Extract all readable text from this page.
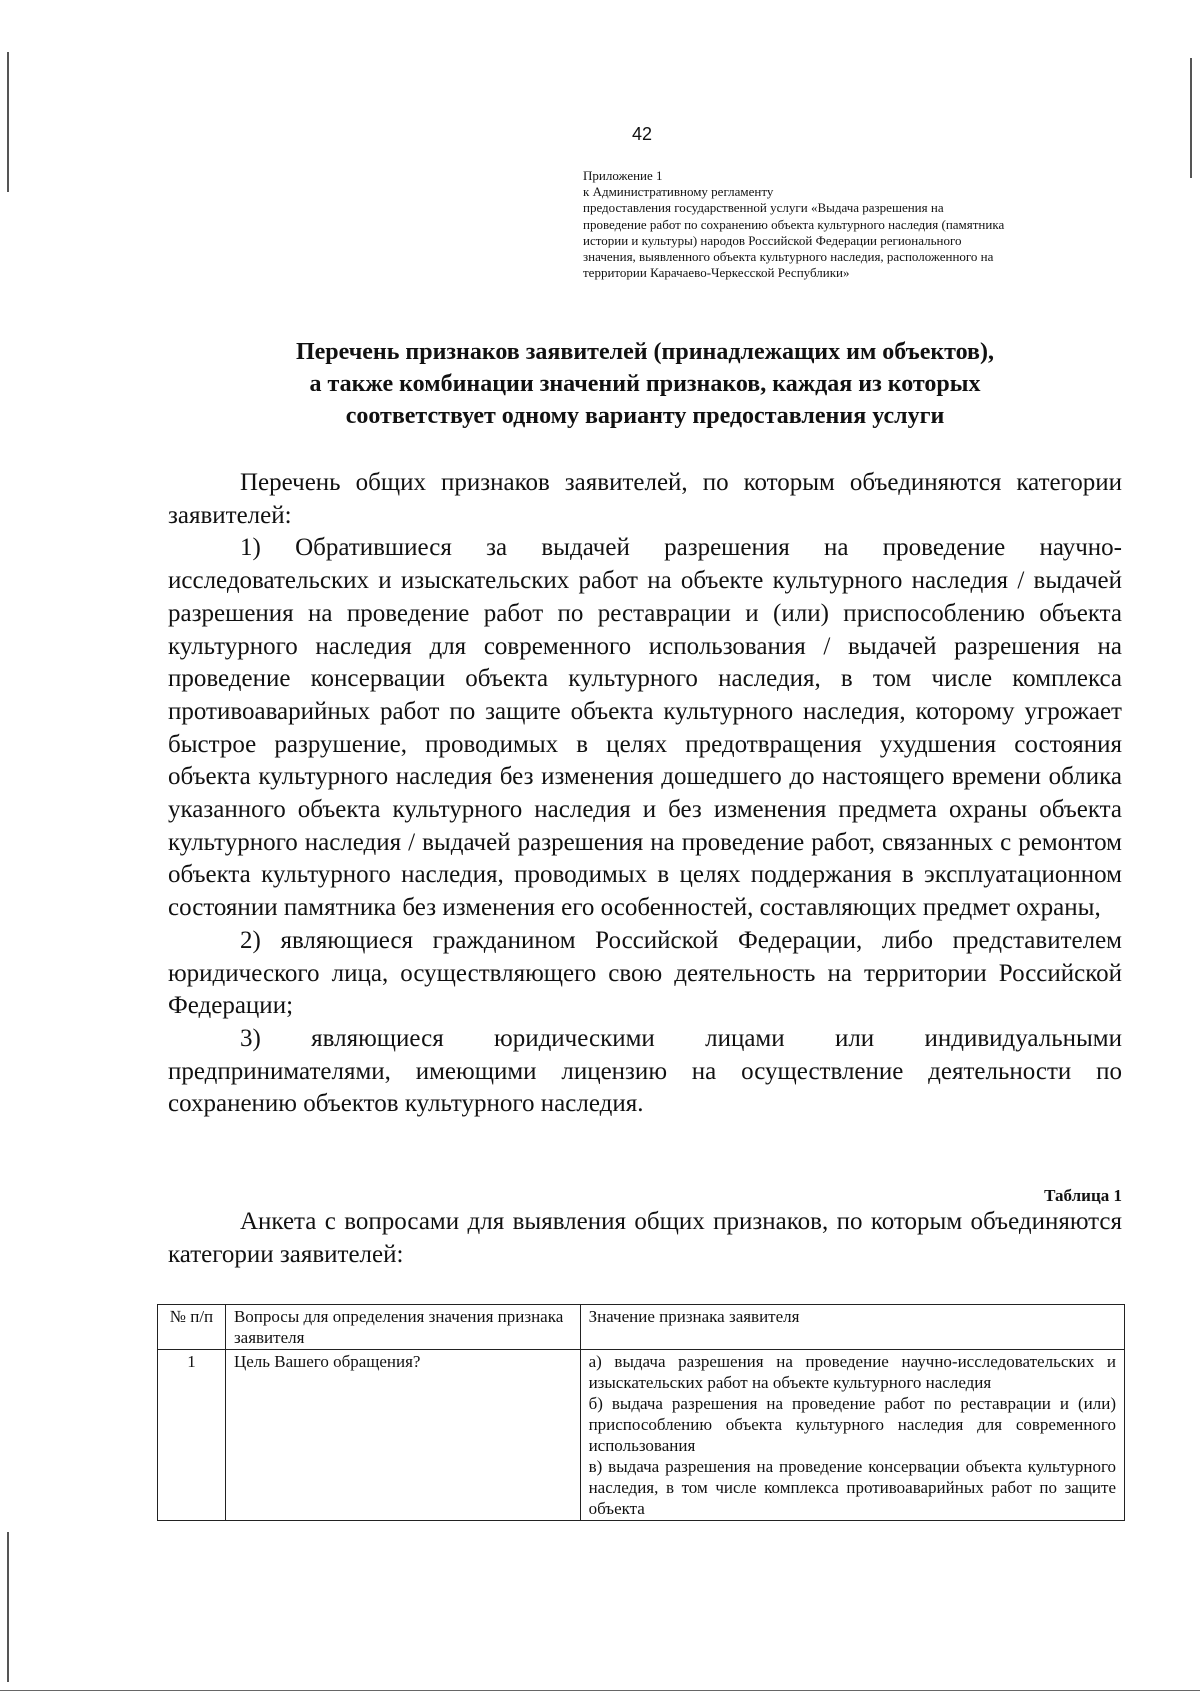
42
Приложение 1
к Административному регламенту
предоставления государственной услуги «Выдача разрешения на
проведение работ по сохранению объекта культурного наследия (памятника
истории и культуры) народов Российской Федерации регионального
значения, выявленного объекта культурного наследия, расположенного на
территории Карачаево-Черкесской Республики»
Перечень признаков заявителей (принадлежащих им объектов),
а также комбинации значений признаков, каждая из которых
соответствует одному варианту предоставления услуги

Перечень общих признаков заявителей, по которым объединяются категории заявителей:

1) Обратившиеся за выдачей разрешения на проведение научно-исследовательских и изыскательских работ на объекте культурного наследия / выдачей разрешения на проведение работ по реставрации и (или) приспособлению объекта культурного наследия для современного использования / выдачей разрешения на проведение консервации объекта культурного наследия, в том числе комплекса противоаварийных работ по защите объекта культурного наследия, которому угрожает быстрое разрушение, проводимых в целях предотвращения ухудшения состояния объекта культурного наследия без изменения дошедшего до настоящего времени облика указанного объекта культурного наследия и без изменения предмета охраны объекта культурного наследия / выдачей разрешения на проведение работ, связанных с ремонтом объекта культурного наследия, проводимых в целях поддержания в эксплуатационном состоянии памятника без изменения его особенностей, составляющих предмет охраны,

2) являющиеся гражданином Российской Федерации, либо представителем юридического лица, осуществляющего свою деятельность на территории Российской Федерации;

3) являющиеся юридическими лицами или индивидуальными предпринимателями, имеющими лицензию на осуществление деятельности по сохранению объектов культурного наследия.

Таблица 1

Анкета с вопросами для выявления общих признаков, по которым объединяются категории заявителей:

№ п/п	Вопросы для определения значения признака заявителя	Значение признака заявителя
1	Цель Вашего обращения?	а) выдача разрешения на проведение научно-исследовательских и изыскательских работ на объекте культурного наследия
б) выдача разрешения на проведение работ по реставрации и (или) приспособлению объекта культурного наследия для современного использования
в) выдача разрешения на проведение консервации объекта культурного наследия, в том числе комплекса противоаварийных работ по защите объекта
